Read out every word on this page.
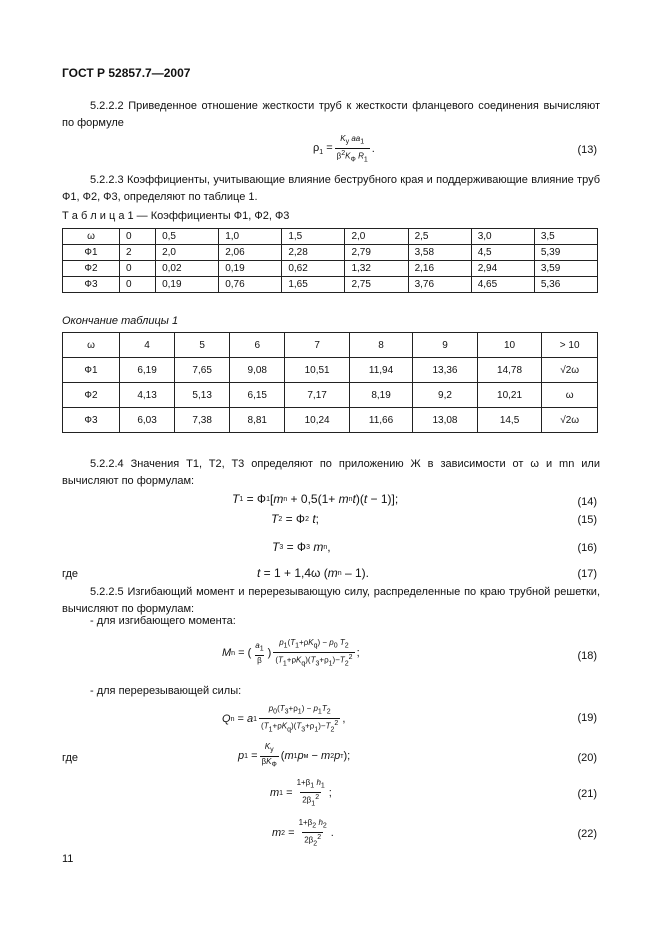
ГОСТ Р 52857.7—2007
5.2.2.2 Приведенное отношение жесткости труб к жесткости фланцевого соединения вычисляют по формуле
$\rho_1 = \frac{K_y aa_1}{\beta^2K_Ф R_1}$ .	(13)
5.2.2.3 Коэффициенты, учитывающие влияние беструбного края и поддерживающие влияние труб Ф1, Ф2, Ф3, определяют по таблице 1.
Т а б л и ц а 1 — Коэффициенты Ф1, Ф2, Ф3
ω	0	0,5	1,0	1,5	2,0	2,5	3,0	3,5
Ф1	2	2,0	2,06	2,28	2,79	3,58	4,5	5,39
Ф2	0	0,02	0,19	0,62	1,32	2,16	2,94	3,59
Ф3	0	0,19	0,76	1,65	2,75	3,76	4,65	5,36
Окончание таблицы 1
ω	4	5	6	7	8	9	10	> 10
Ф1	6,19	7,65	9,08	10,51	11,94	13,36	14,78	√2ω
Ф2	4,13	5,13	6,15	7,17	8,19	9,2	10,21	ω
Ф3	6,03	7,38	8,81	10,24	11,66	13,08	14,5	√2ω
5.2.2.4 Значения T1, T2, T3 определяют по приложению Ж в зависимости от ω и mn или вычисляют по формулам:
T 1 = Ф 1 [ m n + 0,5(1+ m n t )( t − 1)];	(14)
T 2 = Ф 2
t ;	(15)
T 3 = Ф 3
m n ,	(16)
где	t = 1 + 1,4ω ( m n – 1).	(17)
5.2.2.5 Изгибающий момент и перерезывающую силу, распределенные по краю трубной решетки, вычисляют по формулам:
- для изгибающего момента:
M n = ( $\frac{a_1}{\beta}$ ) $\frac{p_1(T_1+\rho K_q) - p_0 T_2}{(T_1+\rho K_q)(T_3+\rho_1)-T_2^2}$ ;	(18)
- для перерезывающей силы:
Q n = a $1 \frac{p_0(T_3+\rho_1) - p_1T_2}{(T_1+\rho K_q)(T_3+\rho_1)-T_2^2}$ ,	(19)
где	p $1 = \frac{K_y}{\beta K_Ф}$ ( m 1 p м − m 2 p т );	(20)
m $1 = \frac{1+\beta_1 h_1}{2\beta_1^2}$ ;	(21)
m $2 = \frac{1+\beta_2 h_2}{2\beta_2^2}$ .	(22)
11
